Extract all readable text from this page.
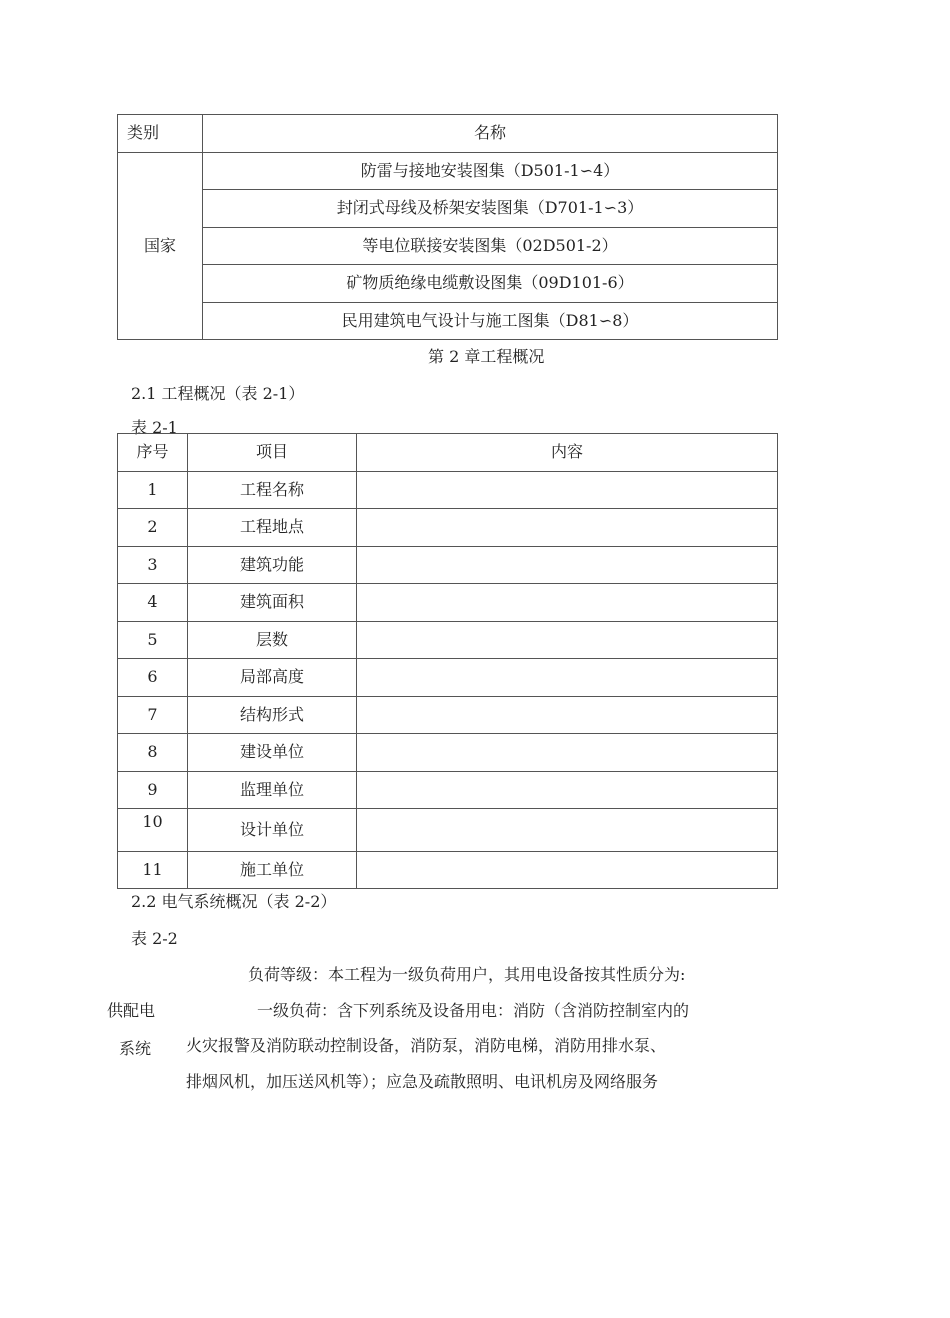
类别	名称
国家	防雷与接地安装图集（D501-1∽4）
	封闭式母线及桥架安装图集（D701-1∽3）
	等电位联接安装图集（02D501-2）
	矿物质绝缘电缆敷设图集（09D101-6）
	民用建筑电气设计与施工图集（D81∽8）
第 2 章工程概况
2.1 工程概况（表 2-1）
表 2-1
序号	项目	内容
1	工程名称	
2	工程地点	
3	建筑功能	
4	建筑面积	
5	层数	
6	局部高度	
7	结构形式	
8	建设单位	
9	监理单位	
10	设计单位	
11	施工单位	
2.2 电气系统概况（表 2-2）
表 2-2
供配电
系统
负荷等级：本工程为一级负荷用户，其用电设备按其性质分为:
一级负荷：含下列系统及设备用电：消防（含消防控制室内的
火灾报警及消防联动控制设备，消防泵，消防电梯，消防用排水泵、
排烟风机，加压送风机等）；应急及疏散照明、电讯机房及网络服务
